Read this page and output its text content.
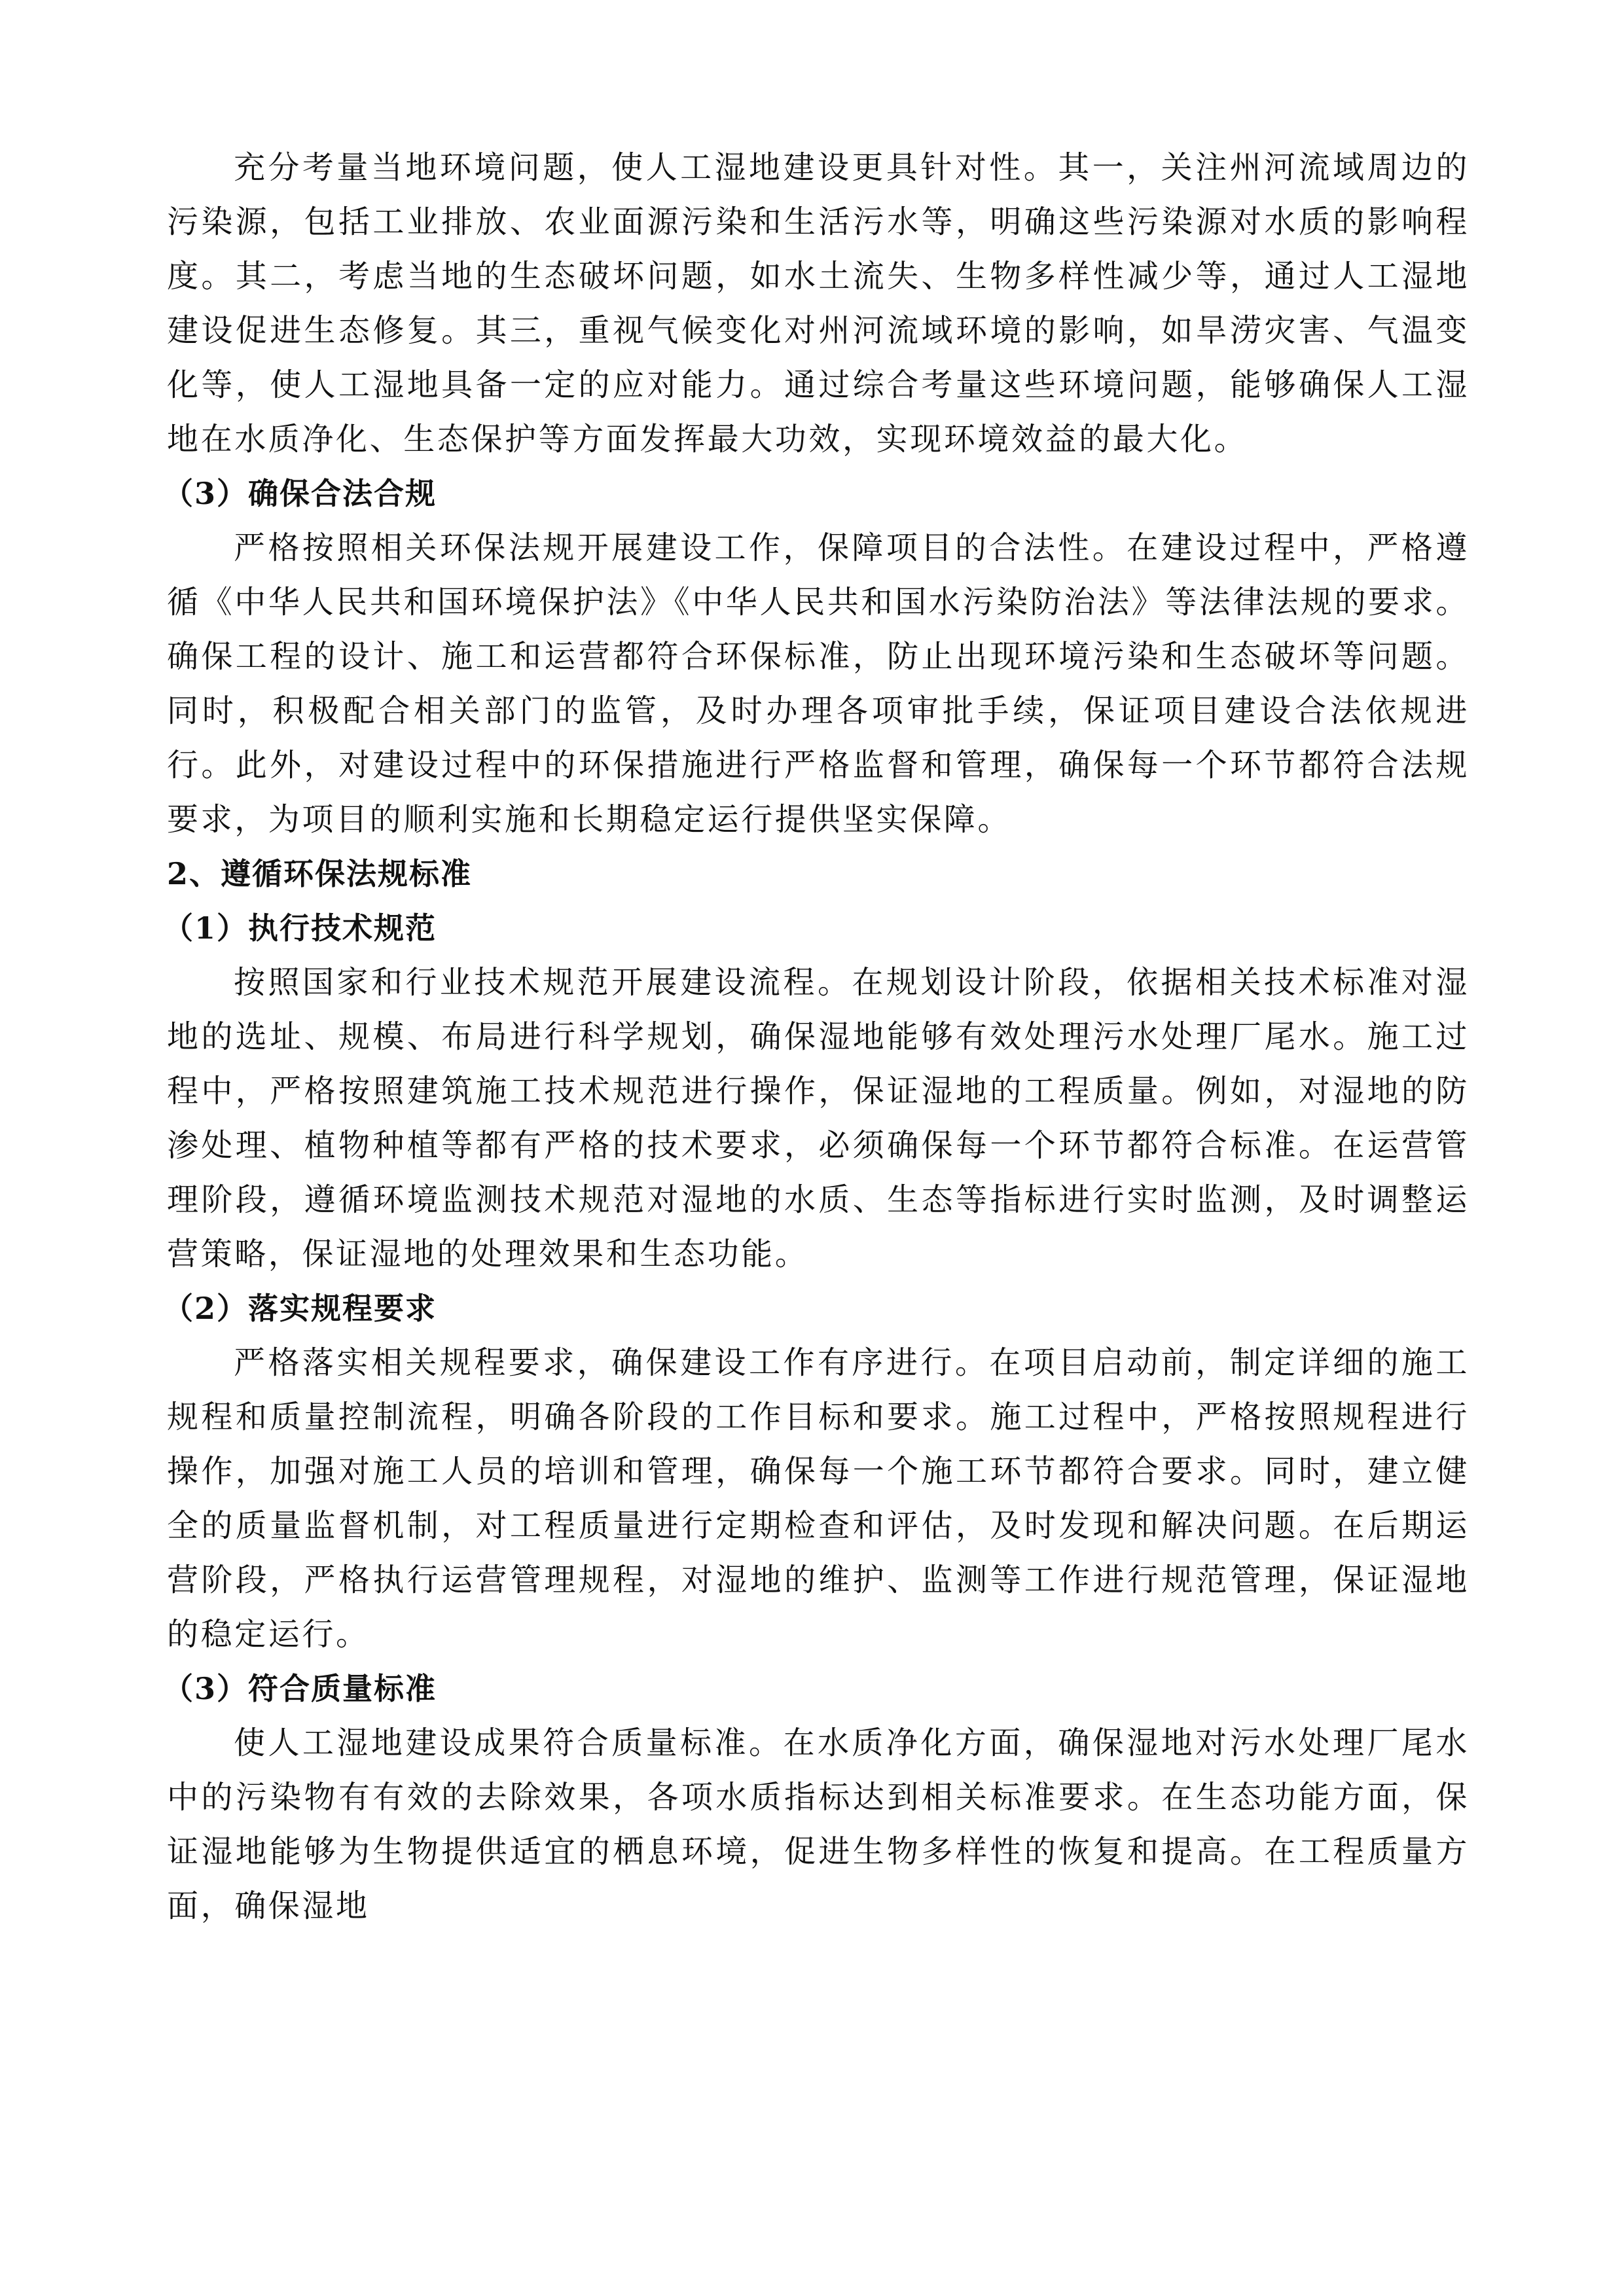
充分考量当地环境问题，使人工湿地建设更具针对性。其一，关注州河流域周边的污染源，包括工业排放、农业面源污染和生活污水等，明确这些污染源对水质的影响程度。其二，考虑当地的生态破坏问题，如水土流失、生物多样性减少等，通过人工湿地建设促进生态修复。其三，重视气候变化对州河流域环境的影响，如旱涝灾害、气温变化等，使人工湿地具备一定的应对能力。通过综合考量这些环境问题，能够确保人工湿地在水质净化、生态保护等方面发挥最大功效，实现环境效益的最大化。

（3）确保合法合规

严格按照相关环保法规开展建设工作，保障项目的合法性。在建设过程中，严格遵循《中华人民共和国环境保护法》《中华人民共和国水污染防治法》等法律法规的要求。确保工程的设计、施工和运营都符合环保标准，防止出现环境污染和生态破坏等问题。同时，积极配合相关部门的监管，及时办理各项审批手续，保证项目建设合法依规进行。此外，对建设过程中的环保措施进行严格监督和管理，确保每一个环节都符合法规要求，为项目的顺利实施和长期稳定运行提供坚实保障。

2、遵循环保法规标准

（1）执行技术规范

按照国家和行业技术规范开展建设流程。在规划设计阶段，依据相关技术标准对湿地的选址、规模、布局进行科学规划，确保湿地能够有效处理污水处理厂尾水。施工过程中，严格按照建筑施工技术规范进行操作，保证湿地的工程质量。例如，对湿地的防渗处理、植物种植等都有严格的技术要求，必须确保每一个环节都符合标准。在运营管理阶段，遵循环境监测技术规范对湿地的水质、生态等指标进行实时监测，及时调整运营策略，保证湿地的处理效果和生态功能。

（2）落实规程要求

严格落实相关规程要求，确保建设工作有序进行。在项目启动前，制定详细的施工规程和质量控制流程，明确各阶段的工作目标和要求。施工过程中，严格按照规程进行操作，加强对施工人员的培训和管理，确保每一个施工环节都符合要求。同时，建立健全的质量监督机制，对工程质量进行定期检查和评估，及时发现和解决问题。在后期运营阶段，严格执行运营管理规程，对湿地的维护、监测等工作进行规范管理，保证湿地的稳定运行。

（3）符合质量标准

使人工湿地建设成果符合质量标准。在水质净化方面，确保湿地对污水处理厂尾水中的污染物有有效的去除效果，各项水质指标达到相关标准要求。在生态功能方面，保证湿地能够为生物提供适宜的栖息环境，促进生物多样性的恢复和提高。在工程质量方面，确保湿地
